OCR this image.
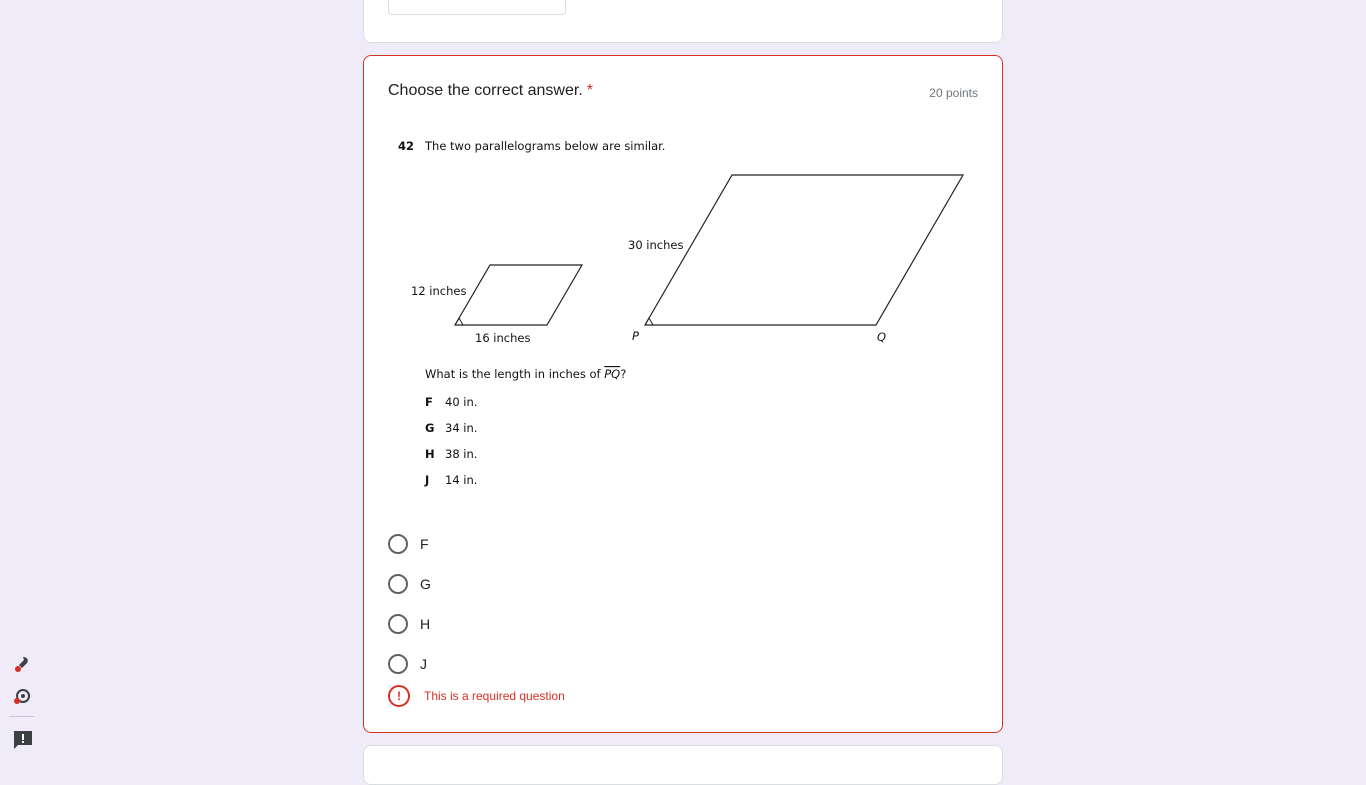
Choose the correct answer. *	20 points
42 The two parallelograms below are similar.
12 inches
16 inches
30 inches
P	Q
What is the length in inches of PQ?
F 40 in.
G 34 in.
H 38 in.
J 14 in.
F
G
H
J
!	This is a required question
